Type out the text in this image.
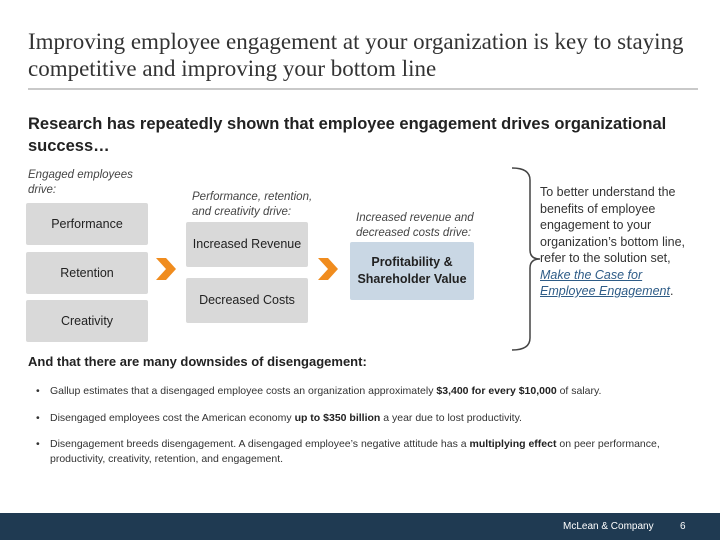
Improving employee engagement at your organization is key to staying competitive and improving your bottom line
Research has repeatedly shown that employee engagement drives organizational success…
Engaged employees drive:
Performance
Retention
Creativity
Performance, retention, and creativity drive:
Increased Revenue
Decreased Costs
Increased revenue and decreased costs drive:
Profitability & Shareholder Value
To better understand the benefits of employee engagement to your organization’s bottom line, refer to the solution set, Make the Case for Employee Engagement.
And that there are many downsides of disengagement:
• Gallup estimates that a disengaged employee costs an organization approximately $3,400 for every $10,000 of salary.
• Disengaged employees cost the American economy up to $350 billion a year due to lost productivity.
• Disengagement breeds disengagement. A disengaged employee’s negative attitude has a multiplying effect on peer performance, productivity, creativity, retention, and engagement.
McLean & Company	6
